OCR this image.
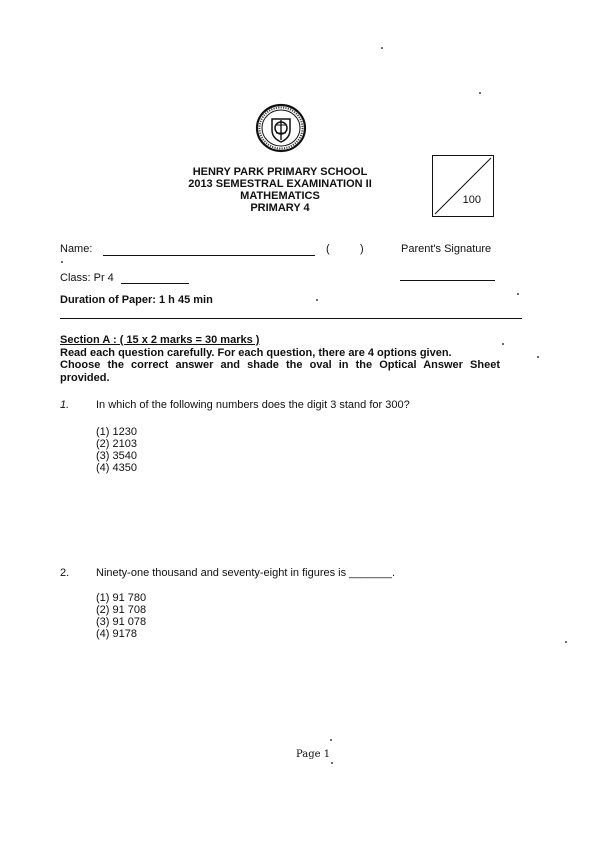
HENRY PARK PRIMARY SCHOOL
2013 SEMESTRAL EXAMINATION II
MATHEMATICS
PRIMARY 4
100
Name:	(	)	Parent's Signature
Class: Pr 4
Duration of Paper: 1 h 45 min
Section A : ( 15 x 2 marks = 30 marks )
Read each question carefully. For each question, there are 4 options given.
Choose the correct answer and shade the oval in the Optical Answer Sheet
provided.
1. In which of the following numbers does the digit 3 stand for 300?
(1) 1230
(2) 2103
(3) 3540
(4) 4350
2. Ninety-one thousand and seventy-eight in figures is _______.
(1) 91 780
(2) 91 708
(3) 91 078
(4) 9178
Page 1
